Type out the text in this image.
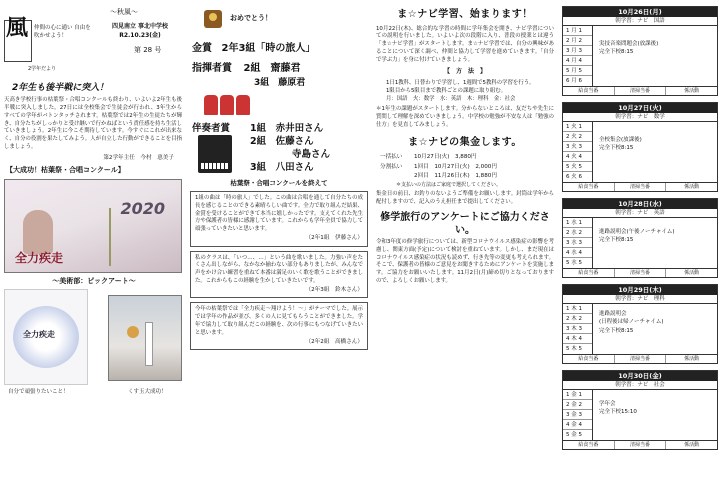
風
～秋風～
仲間の心に通い 自由を吹かせよう！
四見南立 事北中学校
R2.10.23(金)
第 28 号
2学年だより
2年生も後半戦に突入！
天高き学校行事の枯葉祭・合唱コンクールも終わり、いよいよ2年生も後半戦に突入しました。27日には全校集会で生徒会が行われ、3年生から すべての学年がバトンタッチされます。枯葉祭では2年生の生徒たちが輝き、自分たちがしっかりと受け継いで行かねばという責任感を持ち生活していきましょう。2年生に今こそ期待しています。今すぐにこれが出来なく、自分の役割を果たしてみよう。人が自立した行動ができることを目指しましょう。
第2学年主任　今村　恵美子
【大成功！枯葉祭・合唱コンクール】
2020
全力疾走
～美術部：ピックアート～
全力疾走
自分で頑張りたいこと！	くす玉大成功！
おめでとう！
金賞 2年3組「時の旅人」
指揮者賞 2組　齋藤君
3組　藤原君
伴奏者賞 1組　赤井田さん
2組　佐藤さん
寺島さん
3組　八田さん
枯葉祭・合唱コンクールを終えて
1組の曲は「時の旅人」でした。この曲は合唱を通して自分たちの成長を感じることのできる素晴らしい曲です。全力で取り組んだ結果、金賞を受けることができて本当に嬉しかったです。支えてくれた先生方や保護者の皆様に感謝しています。これからも学年全員で協力して頑張っていきたいと思います。
（2年1組　伊藤さん）
私のクラスは、「いつ…、…」という曲を歌いました。力強い声をたくさん出しながら、なかなか揃わない部分もありましたが、みんなで声をかけ合い練習を重ねて本番は満足のいく歌を歌うことができました。これからもこの経験を生かしていきたいです。
（2年3組　鈴木さん）
今年の枯葉祭では「全力疾走～翔けよう！～」がテーマでした。展示では学年の作品が並び、多くの人に見てもらうことができました。学年で協力して取り組んだこの経験を、次の行事にもつなげていきたいと思います。
（2年2組　高橋さん）
ま☆ナビ学習、始まります！
10月22日(木)、総合的な学習の時間に学年集会を開き、ナビ学習についての説明を行いました。いよいよ次の段階に入り、普段の授業とは違う「ま☆ナビ学習」がスタートします。ま☆ナビ学習では、自分の興味があることについて深く調べ、仲間と協力して学習を進めていきます。「自分で学ぶ力」を身に付けていきましょう。
【　方　法　】
1日1教科、日替わりで学習し、1週間で5教科の学習を行う。
1限目から5限目まで教科ごとの課題に取り組む。
月：国語　火：数学　水：英語　木：理科　金：社会
＊1年生の課題がスタートします。分からないところは、友だちや先生に質問して理解を深めていきましょう。中学校の勉強が不安な人は「勉強の仕方」を見直してみましょう。
ま☆ナビの集金します。
一括払い 10月27日(火)　3,880円
分割払い 1回目　10月27日(火)　2,000円
2回目　11月26日(木)　1,880円
＊支払いの方法はご家庭で選択してください。
集金日の前日、お釣りのないようご準備をお願いします。封筒は学年から配付しますので、記入のうえ担任まで提出してください。
修学旅行のアンケートにご協力ください。
令和3年度の修学旅行については、新型コロナウイルス感染症の影響を考慮し、関東方面(予定)について検討を重ねています。しかし、まだ現在はコロナウイルス感染症の状況も読めず、行き先等の変更も考えられます。そこで、保護者の皆様のご意見をお聞きするためにアンケートを実施します。ご協力をお願いいたします。11月2日(月)締め切りとなっておりますので、よろしくお願いします。
10月26日(月)
朝学習：ナビ　国語
1 月 1
2 月 2
3 月 3
4 月 4
5 月 5
6 月 6
実技音楽問題会(放課後)
完全下校8:15
給食当番	清掃当番	係活動
10月27日(火)
朝学習：ナビ　数学
1 火 1
2 火 2
3 火 3
4 火 4
5 火 5
6 火 6
全校集会(放課後)
完全下校8:15
給食当番	清掃当番	係活動
10月28日(水)
朝学習：ナビ　英語
1 水 1
2 水 2
3 水 3
4 水 4
5 水 5
進路説明会(午後ノーチャイム)
完全下校8:15
給食当番	清掃当番	係活動
10月29日(木)
朝学習：ナビ　理科
1 木 1
2 木 2
3 木 3
4 木 4
5 木 5
進路説明会
(日程後は帰ノーチャイム)
完全下校8:15
給食当番	清掃当番	係活動
10月30日(金)
朝学習：ナビ　社会
1 金 1
2 金 2
3 金 3
4 金 4
5 金 5
学年会
完全下校15:10
給食当番	清掃当番	係活動
